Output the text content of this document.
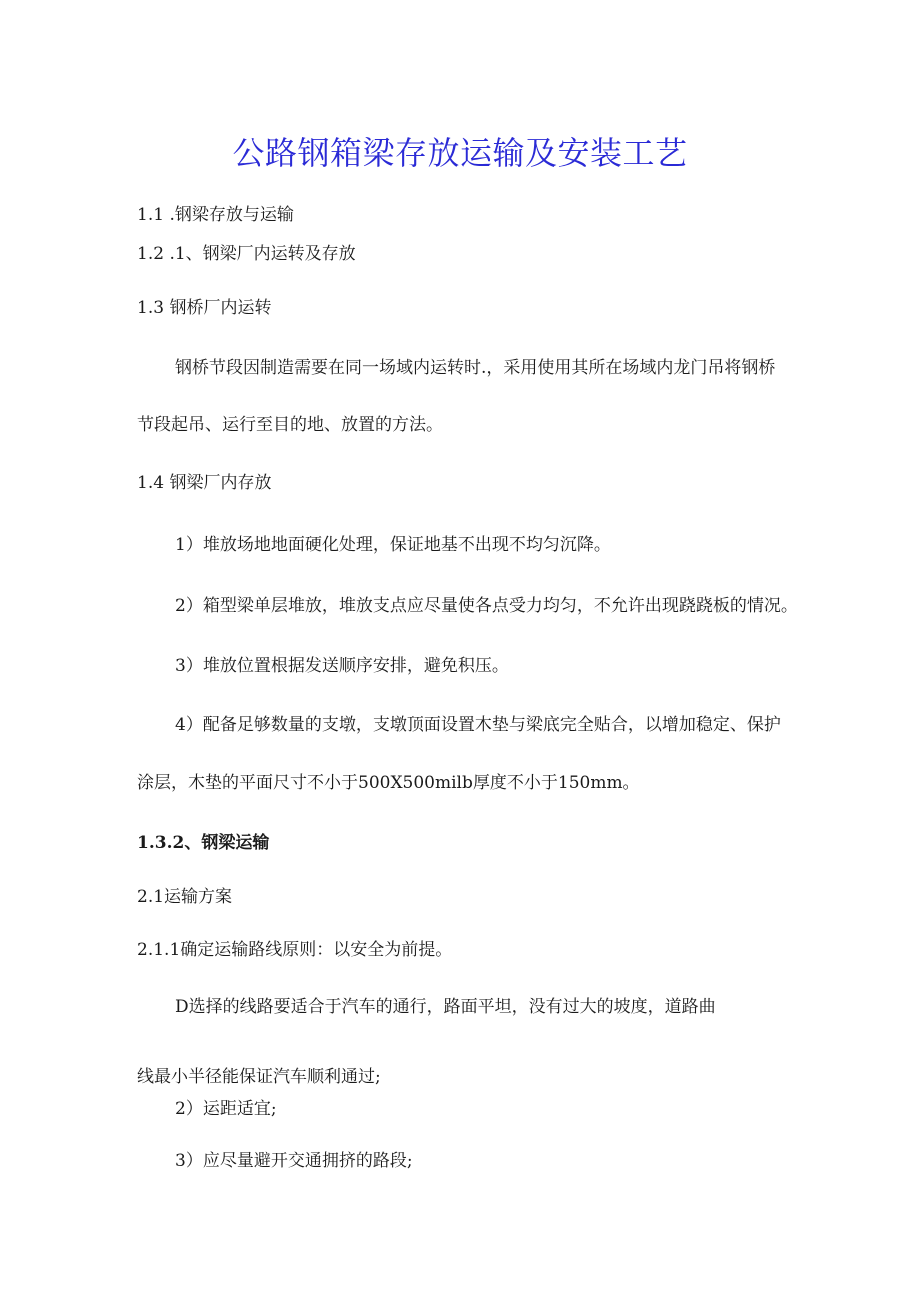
公路钢箱梁存放运输及安装工艺
1.1 .钢梁存放与运输
1.2 .1、钢梁厂内运转及存放
1.3 钢桥厂内运转
钢桥节段因制造需要在同一场域内运转时.，采用使用其所在场域内龙门吊将钢桥
节段起吊、运行至目的地、放置的方法。
1.4 钢梁厂内存放
1）堆放场地地面硬化处理，保证地基不出现不均匀沉降。
2）箱型梁单层堆放，堆放支点应尽量使各点受力均匀，不允许出现跷跷板的情况。
3）堆放位置根据发送顺序安排，避免积压。
4）配备足够数量的支墩，支墩顶面设置木垫与梁底完全贴合，以增加稳定、保护
涂层，木垫的平面尺寸不小于500X500milb厚度不小于150mm。
1.3.2、钢梁运输
2.1运输方案
2.1.1确定运输路线原则：以安全为前提。
D选择的线路要适合于汽车的通行，路面平坦，没有过大的坡度，道路曲
线最小半径能保证汽车顺利通过;
2）运距适宜;
3）应尽量避开交通拥挤的路段;
